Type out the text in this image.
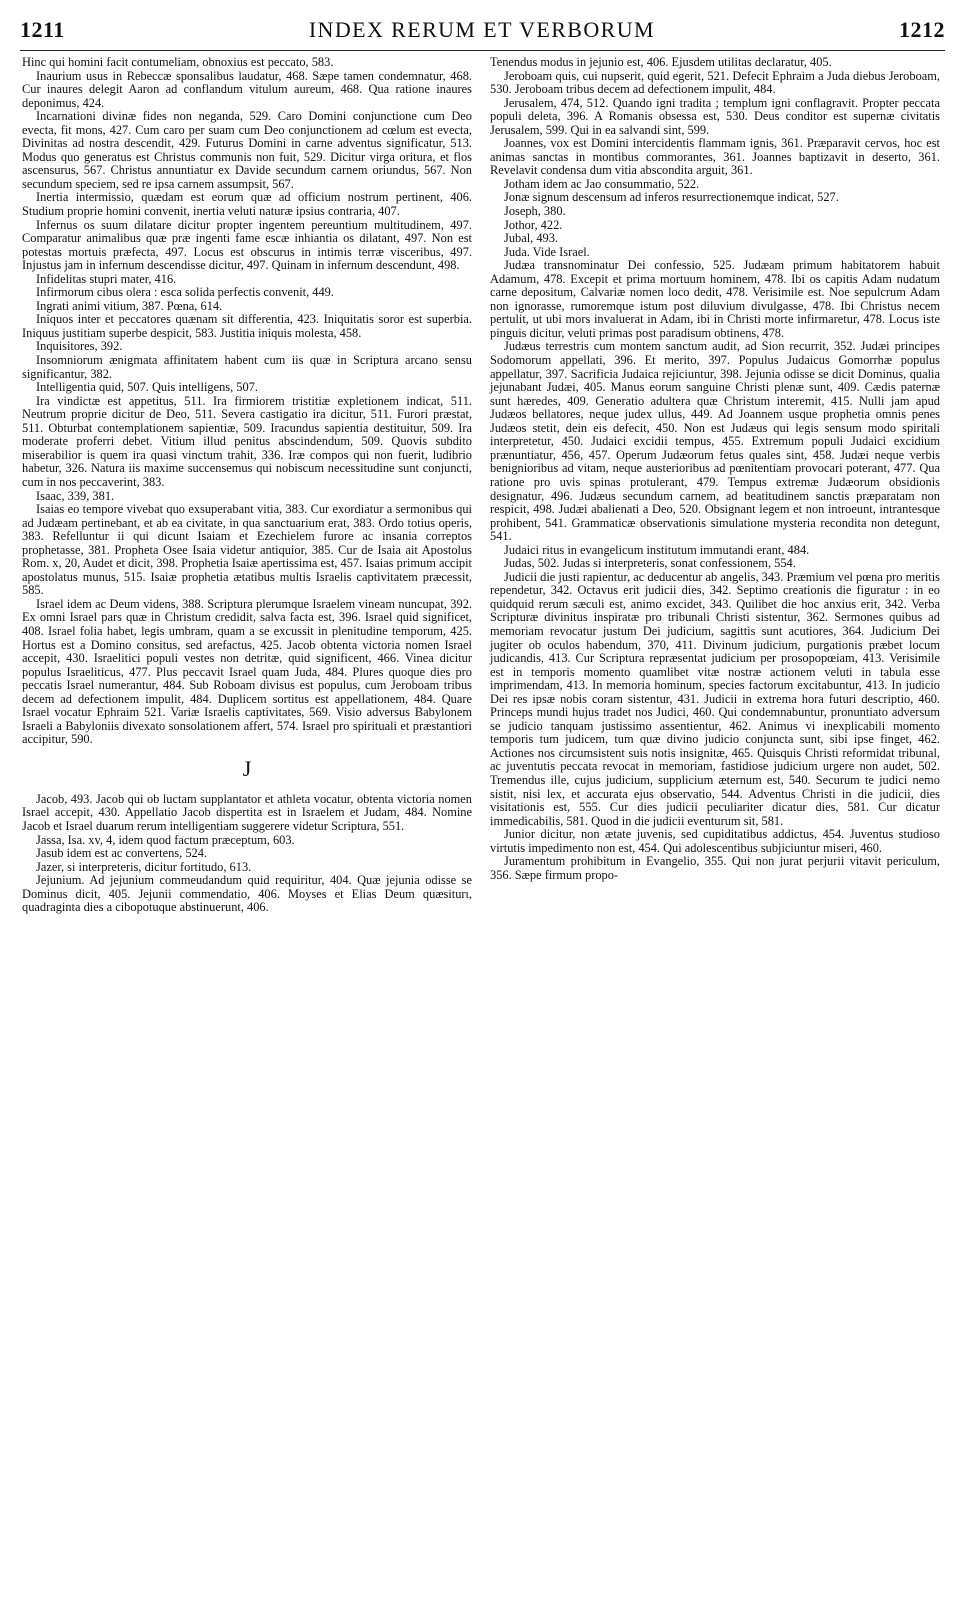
1211	INDEX RERUM ET VERBORUM	1212

Hinc qui homini facit contumeliam, obnoxius est peccato, 583.

Inaurium usus in Rebeccæ sponsalibus laudatur, 468. Sæpe tamen condemnatur, 468. Cur inaures delegit Aaron ad conflandum vitulum aureum, 468. Qua ratione inaures deponimus, 424.

Incarnationi divinæ fides non neganda, 529. Caro Domini conjunctione cum Deo evecta, fit mons, 427. Cum caro per suam cum Deo conjunctionem ad cœlum est evecta, Divinitas ad nostra descendit, 429. Futurus Domini in carne adventus significatur, 513. Modus quo generatus est Christus communis non fuit, 529. Dicitur virga oritura, et flos ascensurus, 567. Christus annuntiatur ex Davide secundum carnem oriundus, 567. Non secundum speciem, sed re ipsa carnem assumpsit, 567.

Inertia intermissio, quædam est eorum quæ ad officium nostrum pertinent, 406. Studium proprie homini convenit, inertia veluti naturæ ipsius contraria, 407.

Infernus os suum dilatare dicitur propter ingentem pereuntium multitudinem, 497. Comparatur animalibus quæ præ ingenti fame escæ inhiantia os dilatant, 497. Non est potestas mortuis præfecta, 497. Locus est obscurus in intimis terræ visceribus, 497. Injustus jam in infernum descendisse dicitur, 497. Quinam in infernum descendunt, 498.

Infidelitas stupri mater, 416.

Infirmorum cibus olera : esca solida perfectis convenit, 449.

Ingrati animi vitium, 387. Pœna, 614.

Iniquos inter et peccatores quænam sit differentia, 423. Iniquitatis soror est superbia. Iniquus justitiam superbe despicit, 583. Justitia iniquis molesta, 458.

Inquisitores, 392.

Insomniorum ænigmata affinitatem habent cum iis quæ in Scriptura arcano sensu significantur, 382.

Intelligentia quid, 507. Quis intelligens, 507.

Ira vindictæ est appetitus, 511. Ira firmiorem tristitiæ expletionem indicat, 511. Neutrum proprie dicitur de Deo, 511. Severa castigatio ira dicitur, 511. Furori præstat, 511. Obturbat contemplationem sapientiæ, 509. Iracundus sapientia destituitur, 509. Ira moderate proferri debet. Vitium illud penitus abscindendum, 509. Quovis subdito miserabilior is quem ira quasi vinctum trahit, 336. Iræ compos qui non fuerit, ludibrio habetur, 326. Natura iis maxime succensemus qui nobiscum necessitudine sunt conjuncti, cum in nos peccaverint, 383.

Isaac, 339, 381.

Isaias eo tempore vivebat quo exsuperabant vitia, 383. Cur exordiatur a sermonibus qui ad Judæam pertinebant, et ab ea civitate, in qua sanctuarium erat, 383. Ordo totius operis, 383. Refelluntur ii qui dicunt Isaiam et Ezechielem furore ac insania correptos prophetasse, 381. Propheta Osee Isaia videtur antiquior, 385. Cur de Isaia ait Apostolus Rom. x, 20, Audet et dicit, 398. Prophetia Isaiæ apertissima est, 457. Isaias primum accipit apostolatus munus, 515. Isaiæ prophetia ætatibus multis Israelis captivitatem præcessit, 585.

Israel idem ac Deum videns, 388. Scriptura plerumque Israelem vineam nuncupat, 392. Ex omni Israel pars quæ in Christum credidit, salva facta est, 396. Israel quid significet, 408. Israel folia habet, legis umbram, quam a se excussit in plenitudine temporum, 425. Hortus est a Domino consitus, sed arefactus, 425. Jacob obtenta victoria nomen Israel accepit, 430. Israelitici populi vestes non detritæ, quid significent, 466. Vinea dicitur populus Israeliticus, 477. Plus peccavit Israel quam Juda, 484. Plures quoque dies pro peccatis Israel numerantur, 484. Sub Roboam divisus est populus, cum Jeroboam tribus decem ad defectionem impulit, 484. Duplicem sortitus est appellationem, 484. Quare Israel vocatur Ephraim 521. Variæ Israelis captivitates, 569. Visio adversus Babylonem Israeli a Babyloniis divexato sonsolationem affert, 574. Israel pro spirituali et præstantiori accipitur, 590.

J

Jacob, 493. Jacob qui ob luctam supplantator et athleta vocatur, obtenta victoria nomen Israel accepit, 430. Appellatio Jacob dispertita est in Israelem et Judam, 484. Nomine Jacob et Israel duarum rerum intelligentiam suggerere videtur Scriptura, 551.

Jassa, Isa. xv, 4, idem quod factum præceptum, 603.

Jasub idem est ac convertens, 524.

Jazer, si interpreteris, dicitur fortitudo, 613.

Jejunium. Ad jejunium commeudandum quid requiritur, 404. Quæ jejunia odisse se Dominus dicit, 405. Jejunii commendatio, 406. Moyses et Elias Deum quæsiturι, quadraginta dies a cibopotuque abstinuerunt, 406.

Tenendus modus in jejunio est, 406. Ejusdem utilitas declaratur, 405.

Jeroboam quis, cui nupserit, quid egerit, 521. Defecit Ephraim a Juda diebus Jeroboam, 530. Jeroboam tribus decem ad defectionem impulit, 484.

Jerusalem, 474, 512. Quando igni tradita ; templum igni conflagravit. Propter peccata populi deleta, 396. A Romanis obsessa est, 530. Deus conditor est supernæ civitatis Jerusalem, 599. Qui in ea salvandi sint, 599.

Joannes, vox est Domini intercidentis flammam ignis, 361. Præparavit cervos, hoc est animas sanctas in montibus commorantes, 361. Joannes baptizavit in deserto, 361. Revelavit condensa dum vitia abscondita arguit, 361.

Jotham idem ac Jao consummatio, 522.

Jonæ signum descensum ad inferos resurrectionemque indicat, 527.

Joseph, 380.

Jothor, 422.

Jubal, 493.

Juda. Vide Israel.

Judæa transnominatur Dei confessio, 525. Judæam primum habitatorem habuit Adamum, 478. Excepit et prima mortuum hominem, 478. Ibi os capitis Adam nudatum carne depositum, Calvariæ nomen loco dedit, 478. Verisimile est. Noe sepulcrum Adam non ignorasse, rumoremque istum post diluvium divulgasse, 478. Ibi Christus necem pertulit, ut ubi mors invaluerat in Adam, ibi in Christi morte infirmaretur, 478. Locus iste pinguis dicitur, veluti primas post paradisum obtinens, 478.

Judæus terrestris cum montem sanctum audit, ad Sion recurrit, 352. Judæi principes Sodomorum appellati, 396. Et merito, 397. Populus Judaicus Gomorrhæ populus appellatur, 397. Sacrificia Judaica rejiciuntur, 398. Jejunia odisse se dicit Dominus, qualia jejunabant Judæi, 405. Manus eorum sanguine Christi plenæ sunt, 409. Cædis paternæ sunt hæredes, 409. Generatio adultera quæ Christum interemit, 415. Nulli jam apud Judæos bellatores, neque judex ullus, 449. Ad Joannem usque prophetia omnis penes Judæos stetit, dein eis defecit, 450. Non est Judæus qui legis sensum modo spiritali interpretetur, 450. Judaici excidii tempus, 455. Extremum populi Judaici excidium prænuntiatur, 456, 457. Operum Judæorum fetus quales sint, 458. Judæi neque verbis benignioribus ad vitam, neque austerioribus ad pœnitentiam provocari poterant, 477. Qua ratione pro uvis spinas protulerant, 479. Tempus extremæ Judæorum obsidionis designatur, 496. Judæus secundum carnem, ad beatitudinem sanctis præparatam non respicit, 498. Judæi abalienati a Deo, 520. Obsignant legem et non introeunt, intrantesque prohibent, 541. Grammaticæ observationis simulatione mysteria recondita non detegunt, 541.

Judaici ritus in evangelicum institutum immutandi erant, 484.

Judas, 502. Judas si interpreteris, sonat confessionem, 554.

Judicii die justi rapientur, ac deducentur ab angelis, 343. Præmium vel pœna pro meritis rependetur, 342. Octavus erit judicii dies, 342. Septimo creationis die figuratur : in eo quidquid rerum sæculi est, animo excidet, 343. Quilibet die hoc anxius erit, 342. Verba Scripturæ divinitus inspiratæ pro tribunali Christi sistentur, 362. Sermones quibus ad memoriam revocatur justum Dei judicium, sagittis sunt acutiores, 364. Judicium Dei jugiter ob oculos habendum, 370, 411. Divinum judicium, purgationis præbet locum judicandis, 413. Cur Scriptura repræsentat judicium per prosopopœiam, 413. Verisimile est in temporis momento quamlibet vitæ nostræ actionem veluti in tabula esse imprimendam, 413. In memoria hominum, species factorum excitabuntur, 413. In judicio Dei res ipsæ nobis coram sistentur, 431. Judicii in extrema hora futuri descriptio, 460. Princeps mundi hujus tradet nos Judici, 460. Qui condemnabuntur, pronuntiato adversum se judicio tanquam justissimo assentientur, 462. Animus vi inexplicabili momento temporis tum judicem, tum quæ divino judicio conjuncta sunt, sibi ipse finget, 462. Actiones nos circumsistent suis notis insignitæ, 465. Quisquis Christi reformidat tribunal, ac juventutis peccata revocat in memoriam, fastidiose judicium urgere non audet, 502. Tremendus ille, cujus judicium, supplicium æternum est, 540. Securum te judici nemo sistit, nisi lex, et accurata ejus observatio, 544. Adventus Christi in die judicii, dies visitationis est, 555. Cur dies judicii peculiariter dicatur dies, 581. Cur dicatur immedicabilis, 581. Quod in die judicii eventurum sit, 581.

Junior dicitur, non ætate juvenis, sed cupiditatibus addictus, 454. Juventus studioso virtutis impedimento non est, 454. Qui adolescentibus subjiciuntur miseri, 460.

Juramentum prohibitum in Evangelio, 355. Qui non jurat perjurii vitavit periculum, 356. Sæpe firmum propo-
